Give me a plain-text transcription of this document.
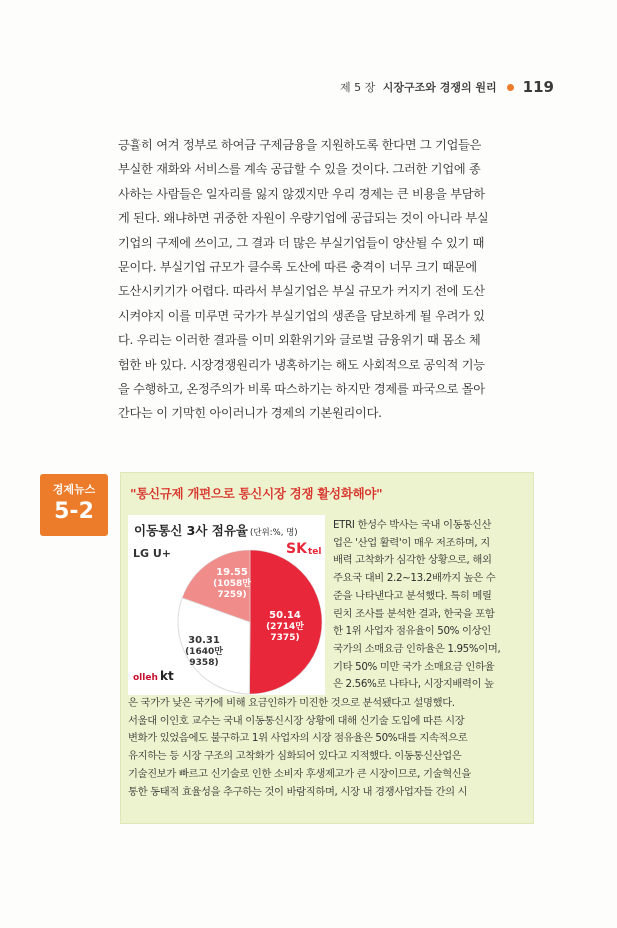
제 5 장 시장구조와 경쟁의 원리 119
긍휼히 여겨 정부로 하여금 구제금융을 지원하도록 한다면 그 기업들은
부실한 재화와 서비스를 계속 공급할 수 있을 것이다. 그러한 기업에 종
사하는 사람들은 일자리를 잃지 않겠지만 우리 경제는 큰 비용을 부담하
게 된다. 왜냐하면 귀중한 자원이 우량기업에 공급되는 것이 아니라 부실
기업의 구제에 쓰이고, 그 결과 더 많은 부실기업들이 양산될 수 있기 때
문이다. 부실기업 규모가 클수록 도산에 따른 충격이 너무 크기 때문에
도산시키기가 어렵다. 따라서 부실기업은 부실 규모가 커지기 전에 도산
시켜야지 이를 미루면 국가가 부실기업의 생존을 담보하게 될 우려가 있
다. 우리는 이러한 결과를 이미 외환위기와 글로벌 금융위기 때 몸소 체
험한 바 있다. 시장경쟁원리가 냉혹하기는 해도 사회적으로 공익적 기능
을 수행하고, 온정주의가 비록 따스하기는 하지만 경제를 파국으로 몰아
간다는 이 기막힌 아이러니가 경제의 기본원리이다.
경제뉴스
5-2
"통신규제 개편으로 통신시장 경쟁 활성화해야"
50.14
(2714만
7375)
30.31
(1640만
9358)
19.55
(1058만
7259)
SK tel
olleh kt
LG U+
이동통신 3사 점유율 (단위:%, 명)
ETRI 한성수 박사는 국내 이동통신산
업은 '산업 활력'이 매우 저조하며, 지
배력 고착화가 심각한 상황으로, 해외
주요국 대비 2.2~13.2배까지 높은 수
준을 나타낸다고 분석했다. 특히 메릴
린치 조사를 분석한 결과, 한국을 포함
한 1위 사업자 점유율이 50% 이상인
국가의 소매요금 인하율은 1.95%이며,
기타 50% 미만 국가 소매요금 인하율
은 2.56%로 나타나, 시장지배력이 높
은 국가가 낮은 국가에 비해 요금인하가 미진한 것으로 분석됐다고 설명했다.
서울대 이인호 교수는 국내 이동통신시장 상황에 대해 신기술 도입에 따른 시장
변화가 있었음에도 불구하고 1위 사업자의 시장 점유율은 50%대를 지속적으로
유지하는 등 시장 구조의 고착화가 심화되어 있다고 지적했다. 이동통신산업은
기술진보가 빠르고 신기술로 인한 소비자 후생제고가 큰 시장이므로, 기술혁신을
통한 동태적 효율성을 추구하는 것이 바람직하며, 시장 내 경쟁사업자들 간의 시
